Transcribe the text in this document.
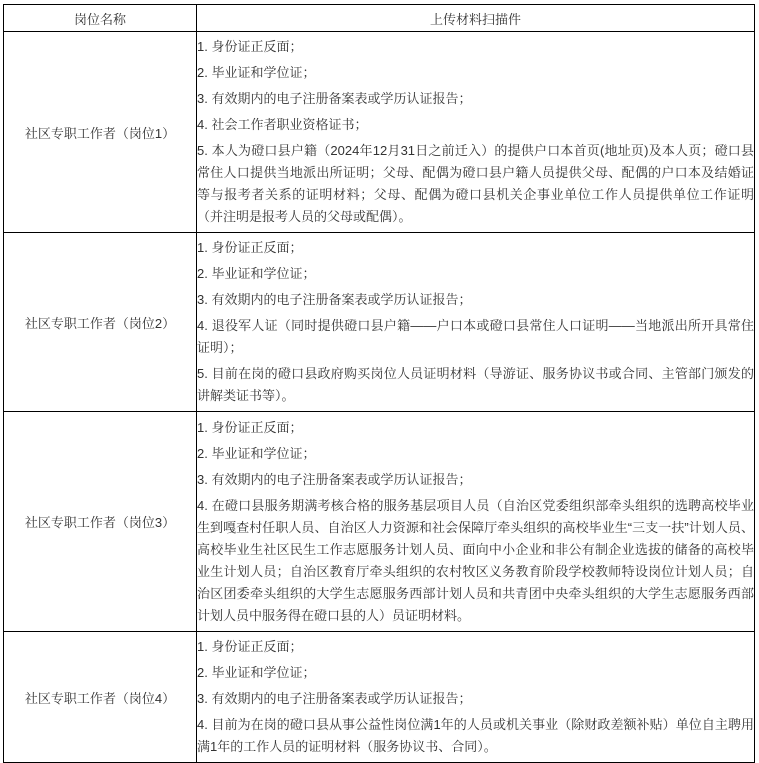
岗位名称	上传材料扫描件
社区专职工作者（岗位1）	1. 身份证正反面；

2. 毕业证和学位证；

3. 有效期内的电子注册备案表或学历认证报告；

4. 社会工作者职业资格证书；

5. 本人为磴口县户籍（2024年12月31日之前迁入）的提供户口本首页(地址页)及本人页；磴口县常住人口提供当地派出所证明；父母、配偶为磴口县户籍人员提供父母、配偶的户口本及结婚证等与报考者关系的证明材料；父母、配偶为磴口县机关企事业单位工作人员提供单位工作证明（并注明是报考人员的父母或配偶）。

社区专职工作者（岗位2）	1. 身份证正反面；

2. 毕业证和学位证；

3. 有效期内的电子注册备案表或学历认证报告；

4. 退役军人证（同时提供磴口县户籍——户口本或磴口县常住人口证明——当地派出所开具常住证明）；

5. 目前在岗的磴口县政府购买岗位人员证明材料（导游证、服务协议书或合同、主管部门颁发的讲解类证书等）。

社区专职工作者（岗位3）	1. 身份证正反面；

2. 毕业证和学位证；

3. 有效期内的电子注册备案表或学历认证报告；

4. 在磴口县服务期满考核合格的服务基层项目人员（自治区党委组织部牵头组织的选聘高校毕业生到嘎查村任职人员、自治区人力资源和社会保障厅牵头组织的高校毕业生“三支一扶”计划人员、高校毕业生社区民生工作志愿服务计划人员、面向中小企业和非公有制企业选拔的储备的高校毕业生计划人员；自治区教育厅牵头组织的农村牧区义务教育阶段学校教师特设岗位计划人员；自治区团委牵头组织的大学生志愿服务西部计划人员和共青团中央牵头组织的大学生志愿服务西部计划人员中服务得在磴口县的人）员证明材料。

社区专职工作者（岗位4）	1. 身份证正反面；

2. 毕业证和学位证；

3. 有效期内的电子注册备案表或学历认证报告；

4. 目前为在岗的磴口县从事公益性岗位满1年的人员或机关事业（除财政差额补贴）单位自主聘用满1年的工作人员的证明材料（服务协议书、合同）。
